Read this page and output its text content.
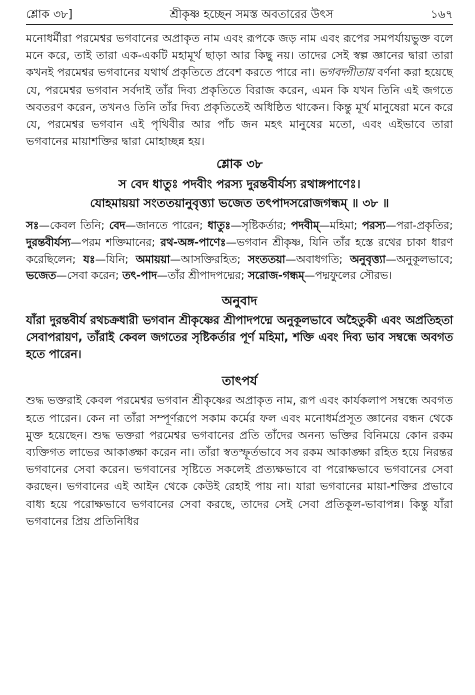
শ্লোক ৩৮]	শ্রীকৃষ্ণ হচ্ছেন সমস্ত অবতারের উৎস	১৬৭

মনোধর্মীরা পরমেশ্বর ভগবানের অপ্রাকৃত নাম এবং রূপকে জড় নাম এবং রূপের সমপর্যায়ভুক্ত বলে মনে করে, তাই তারা এক-একটি মহামূর্খ ছাড়া আর কিছু নয়। তাদের সেই স্বল্প জ্ঞানের দ্বারা তারা কখনই পরমেশ্বর ভগবানের যথার্থ প্রকৃতিতে প্রবেশ করতে পারে না। ভগবদ্গীতায় বর্ণনা করা হয়েছে যে, পরমেশ্বর ভগবান সর্বদাই তাঁর দিব্য প্রকৃতিতে বিরাজ করেন, এমন কি যখন তিনি এই জগতে অবতরণ করেন, তখনও তিনি তাঁর দিব্য প্রকৃতিতেই অধিষ্ঠিত থাকেন। কিন্তু মূর্খ মানুষেরা মনে করে যে, পরমেশ্বর ভগবান এই পৃথিবীর আর পাঁচ জন মহৎ মানুষের মতো, এবং এইভাবে তারা ভগবানের মায়াশক্তির দ্বারা মোহাচ্ছন্ন হয়।

শ্লোক ৩৮
স বেদ ধাতুঃ পদবীং পরস্য দুরন্তবীর্যস্য রথাঙ্গপাণেঃ।
যোহমায়য়া সংততয়ানুবৃত্ত্যা ভজেত তৎপাদসরোজগন্ধম্ ॥ ৩৮ ॥

সঃ—কেবল তিনি; বেদ—জানতে পারেন; ধাতুঃ—সৃষ্টিকর্তার; পদবীম্—মহিমা; পরস্য—পরা-প্রকৃতির; দুরন্তবীর্যস্য—পরম শক্তিমানের; রথ-অঙ্গ-পাণেঃ—ভগবান শ্রীকৃষ্ণ, যিনি তাঁর হস্তে রথের চাকা ধারণ করেছিলেন; যঃ—যিনি; অমায়য়া—আসক্তিরহিত; সংততয়া—অবাধগতি; অনুবৃত্ত্যা—অনুকূলভাবে; ভজেত—সেবা করেন; তৎ-পাদ—তাঁর শ্রীপাদপদ্মের; সরোজ-গন্ধম্—পদ্মফুলের সৌরভ।

অনুবাদ

যাঁরা দুরন্তবীর্য রথচক্রধারী ভগবান শ্রীকৃষ্ণের শ্রীপাদপদ্মে অনুকূলভাবে অহৈতুকী এবং অপ্রতিহতা সেবাপরায়ণ, তাঁরাই কেবল জগতের সৃষ্টিকর্তার পূর্ণ মহিমা, শক্তি এবং দিব্য ভাব সম্বন্ধে অবগত হতে পারেন।

তাৎপর্য

শুদ্ধ ভক্তরাই কেবল পরমেশ্বর ভগবান শ্রীকৃষ্ণের অপ্রাকৃত নাম, রূপ এবং কার্যকলাপ সম্বন্ধে অবগত হতে পারেন। কেন না তাঁরা সম্পূর্ণরূপে সকাম কর্মের ফল এবং মনোধর্মপ্রসূত জ্ঞানের বন্ধন থেকে মুক্ত হয়েছেন। শুদ্ধ ভক্তরা পরমেশ্বর ভগবানের প্রতি তাঁদের অনন্য ভক্তির বিনিময়ে কোন রকম ব্যক্তিগত লাভের আকাঙ্ক্ষা করেন না। তাঁরা স্বতস্ফূর্তভাবে সব রকম আকাঙ্ক্ষা রহিত হয়ে নিরন্তর ভগবানের সেবা করেন। ভগবানের সৃষ্টিতে সকলেই প্রত্যক্ষভাবে বা পরোক্ষভাবে ভগবানের সেবা করছেন। ভগবানের এই আইন থেকে কেউই রেহাই পায় না। যারা ভগবানের মায়া-শক্তির প্রভাবে বাধ্য হয়ে পরোক্ষভাবে ভগবানের সেবা করছে, তাদের সেই সেবা প্রতিকূল-ভাবাপন্ন। কিন্তু যাঁরা ভগবানের প্রিয় প্রতিনিধির
